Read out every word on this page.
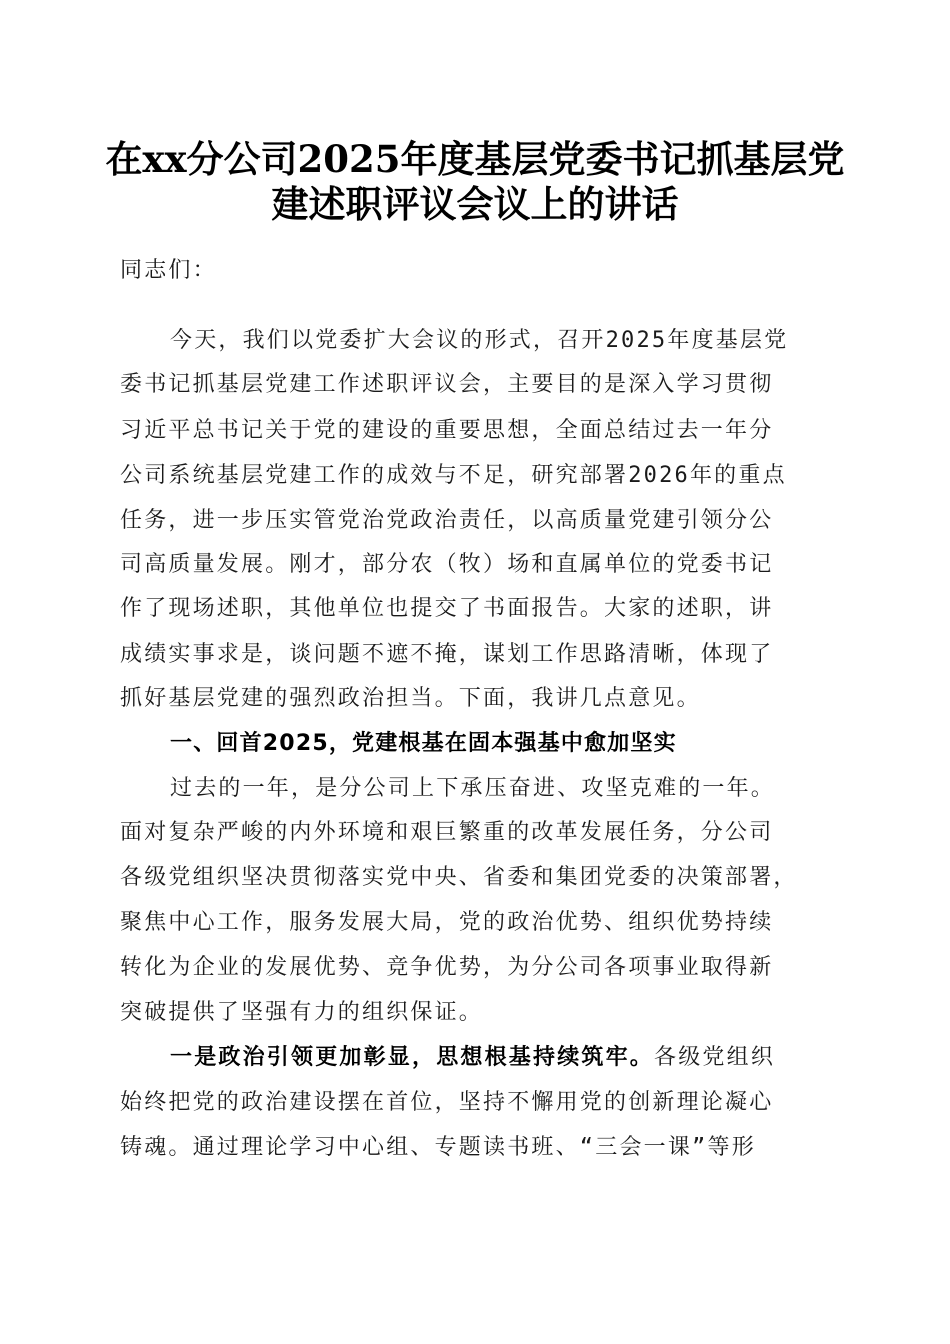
在xx分公司2025年度基层党委书记抓基层党
建述职评议会议上的讲话
同志们：
今天，我们以党委扩大会议的形式，召开2025年度基层党
委书记抓基层党建工作述职评议会，主要目的是深入学习贯彻
习近平总书记关于党的建设的重要思想，全面总结过去一年分
公司系统基层党建工作的成效与不足，研究部署2026年的重点
任务，进一步压实管党治党政治责任，以高质量党建引领分公
司高质量发展。刚才，部分农（牧）场和直属单位的党委书记
作了现场述职，其他单位也提交了书面报告。大家的述职，讲
成绩实事求是，谈问题不遮不掩，谋划工作思路清晰，体现了
抓好基层党建的强烈政治担当。下面，我讲几点意见。
一、回首2025，党建根基在固本强基中愈加坚实
过去的一年，是分公司上下承压奋进、攻坚克难的一年。
面对复杂严峻的内外环境和艰巨繁重的改革发展任务，分公司
各级党组织坚决贯彻落实党中央、省委和集团党委的决策部署，
聚焦中心工作，服务发展大局，党的政治优势、组织优势持续
转化为企业的发展优势、竞争优势，为分公司各项事业取得新
突破提供了坚强有力的组织保证。
一是政治引领更加彰显，思想根基持续筑牢。各级党组织
始终把党的政治建设摆在首位，坚持不懈用党的创新理论凝心
铸魂。通过理论学习中心组、专题读书班、“三会一课”等形
